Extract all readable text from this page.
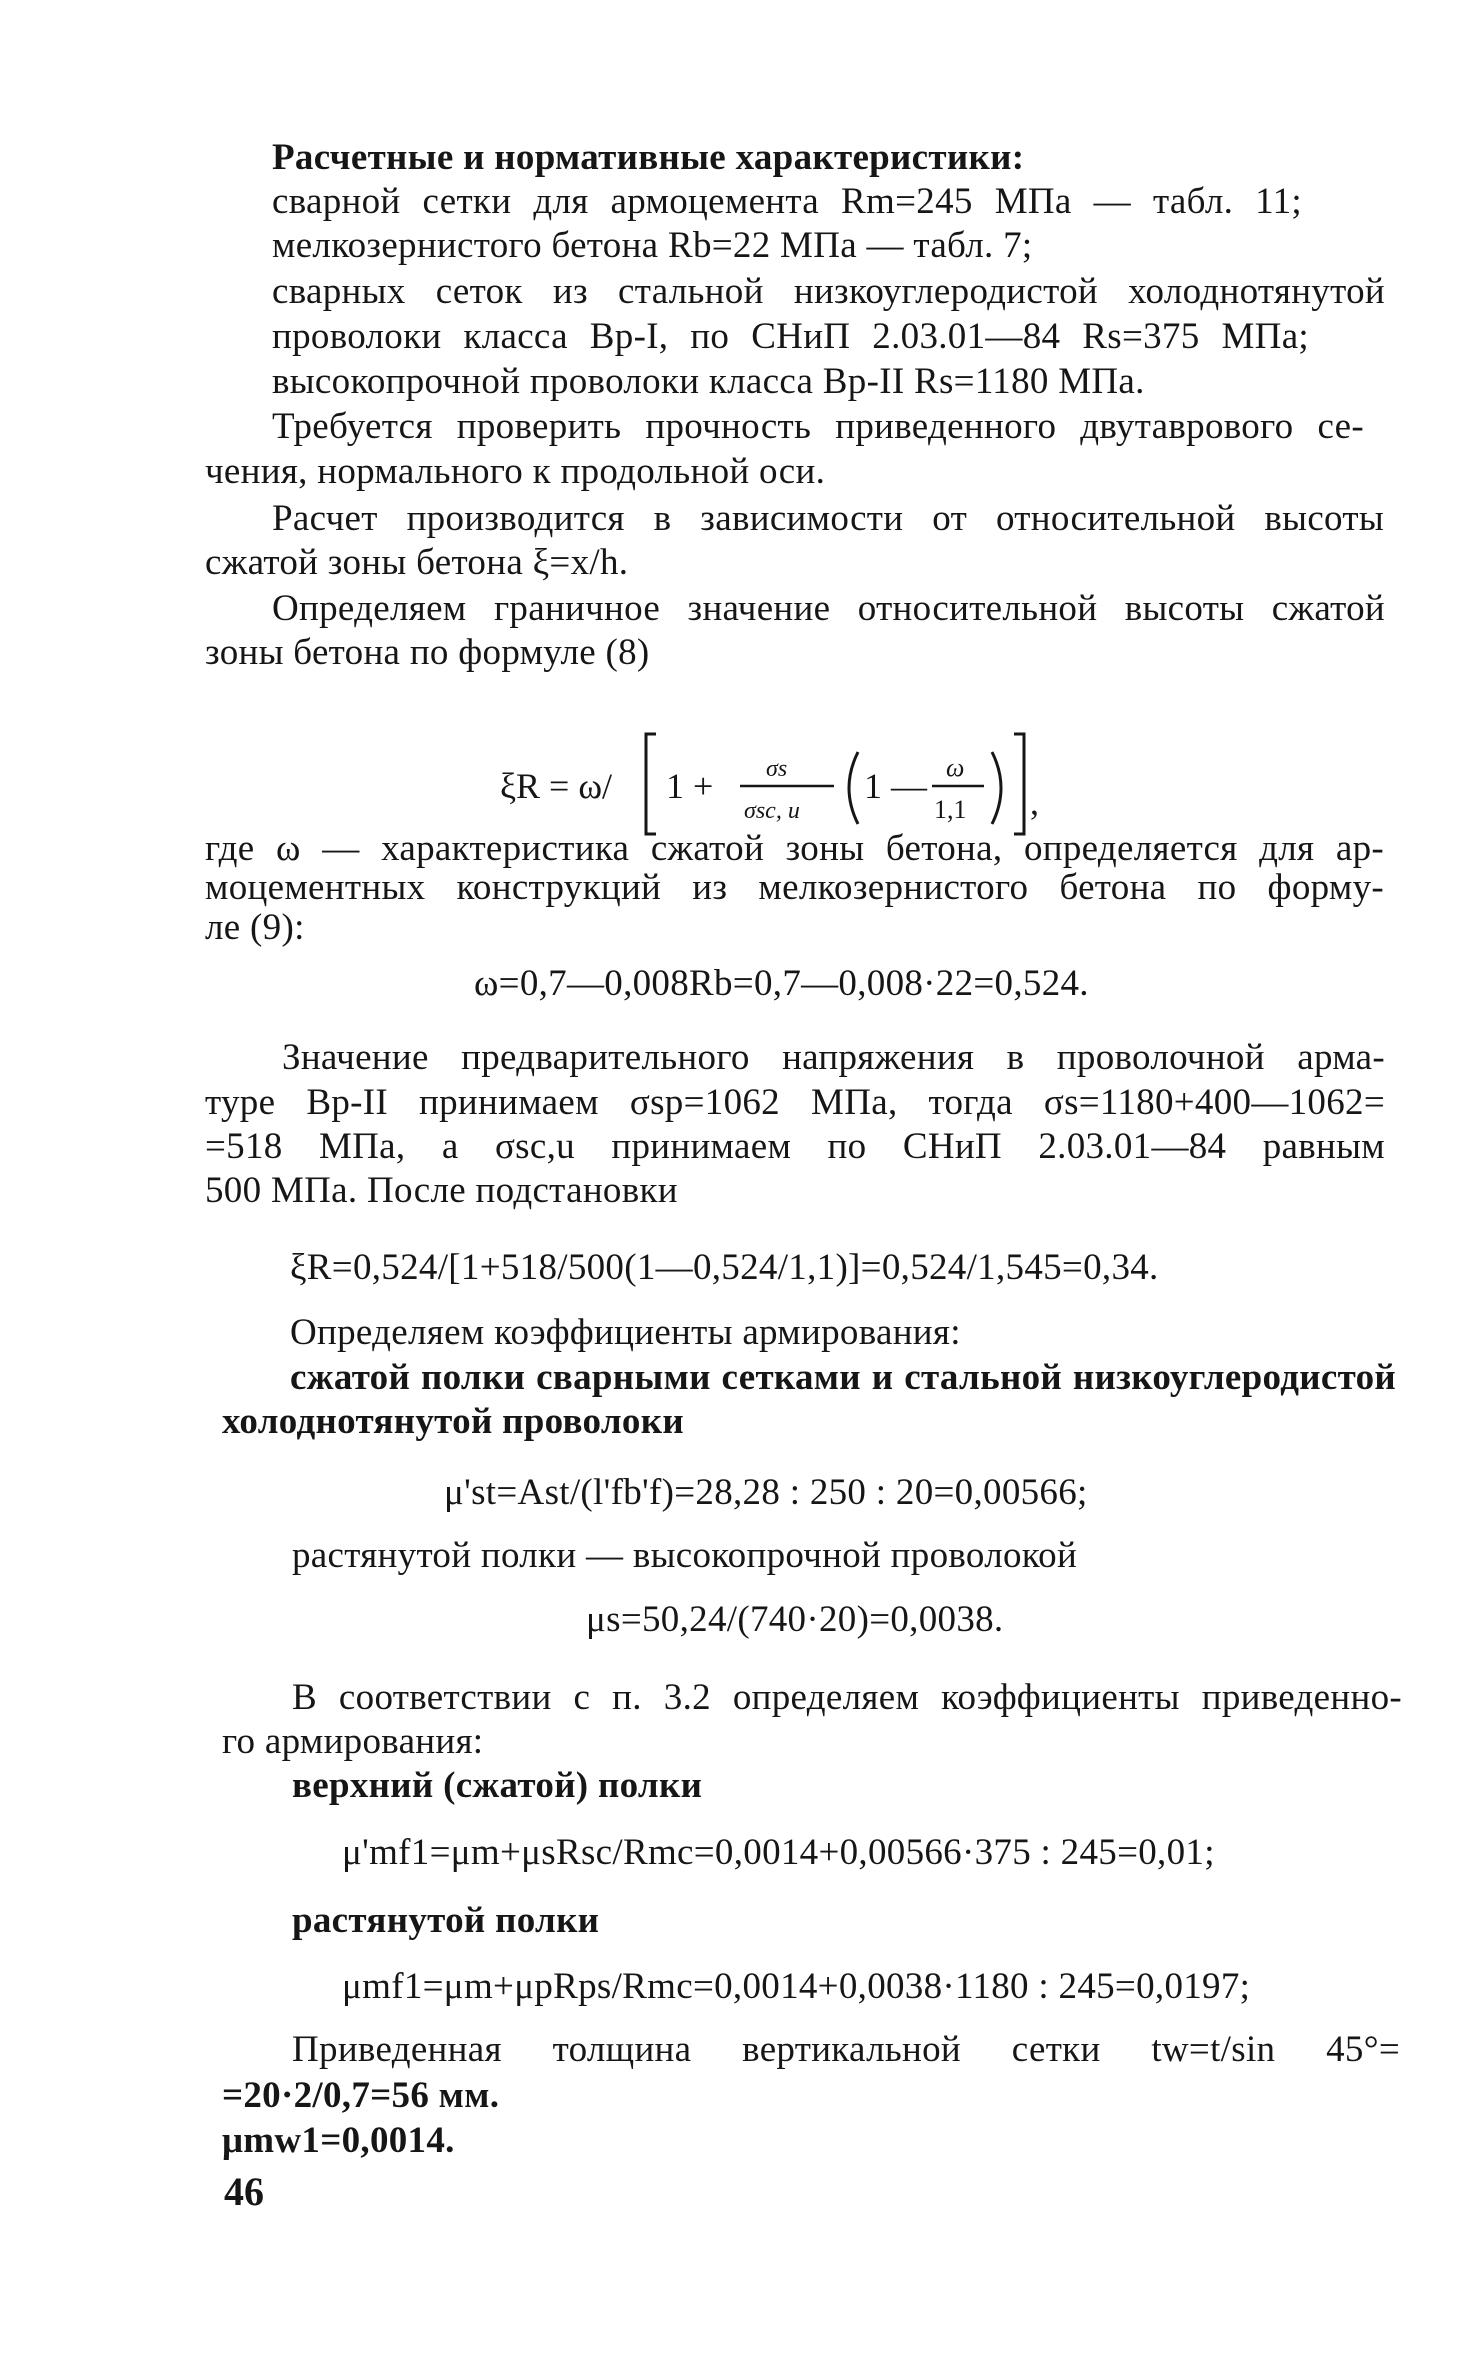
Расчетные и нормативные характеристики:
сварной сетки для армоцемента Rm=245 МПа — табл. 11;
мелкозернистого бетона Rb=22 МПа — табл. 7;
сварных сеток из стальной низкоуглеродистой холоднотянутой
проволоки класса Вр-I, по СНиП 2.03.01—84 Rs=375 МПа;
высокопрочной проволоки класса Вр-II Rs=1180 МПа.
Требуется проверить прочность приведенного двутаврового се-
чения, нормального к продольной оси.
Расчет производится в зависимости от относительной высоты
сжатой зоны бетона ξ=x/h.
Определяем граничное значение относительной высоты сжатой
зоны бетона по формуле (8)
где ω — характеристика сжатой зоны бетона, определяется для ар-
моцементных конструкций из мелкозернистого бетона по форму-
ле (9):
ω=0,7—0,008Rb=0,7—0,008·22=0,524.
Значение предварительного напряжения в проволочной арма-
туре Вр-II принимаем σsp=1062 МПа, тогда σs=1180+400—1062=
=518 МПа, а σsc,u принимаем по СНиП 2.03.01—84 равным
500 МПа. После подстановки
ξR=0,524/[1+518/500(1—0,524/1,1)]=0,524/1,545=0,34.
Определяем коэффициенты армирования:
сжатой полки сварными сетками и стальной низкоуглеродистой
холоднотянутой проволоки
μ'st=Ast/(l'fb'f)=28,28 : 250 : 20=0,00566;
растянутой полки — высокопрочной проволокой
μs=50,24/(740·20)=0,0038.
В соответствии с п. 3.2 определяем коэффициенты приведенно-
го армирования:
верхний (сжатой) полки
μ'mf1=μm+μsRsc/Rmc=0,0014+0,00566·375 : 245=0,01;
растянутой полки
μmf1=μm+μpRps/Rmc=0,0014+0,0038·1180 : 245=0,0197;
Приведенная толщина вертикальной сетки tw=t/sin 45°=
=20·2/0,7=56 мм.
μmw1=0,0014.
ξR = ω/ 1 + σs
σsc, u
1 — ω
1,1 ,
46
